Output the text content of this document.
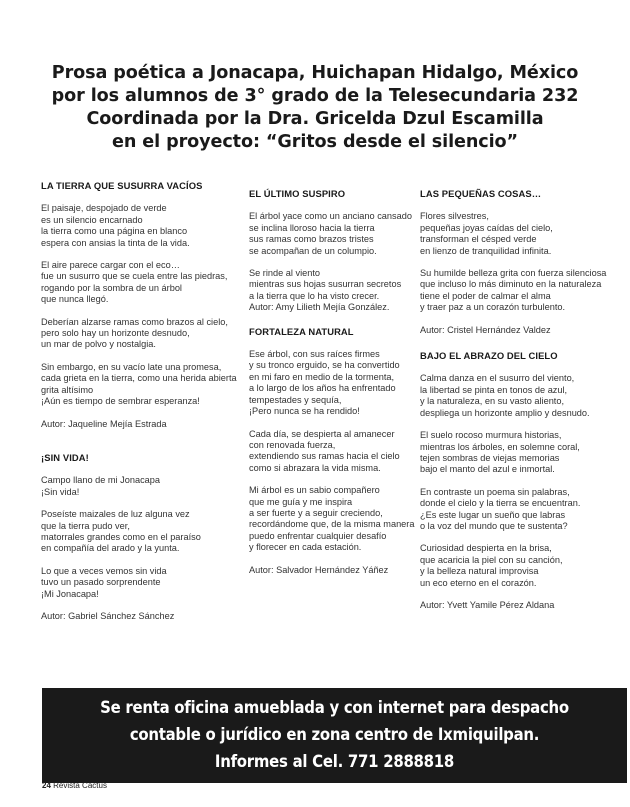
Prosa poética a Jonacapa, Huichapan Hidalgo, México
por los alumnos de 3° grado de la Telesecundaria 232
Coordinada por la Dra. Gricelda Dzul Escamilla
en el proyecto: “Gritos desde el silencio”
LA TIERRA QUE SUSURRA VACÍOS
El paisaje, despojado de verde
es un silencio encarnado
la tierra como una página en blanco
espera con ansias la tinta de la vida.
El aire parece cargar con el eco…
fue un susurro que se cuela entre las piedras,
rogando por la sombra de un árbol
que nunca llegó.
Deberían alzarse ramas como brazos al cielo,
pero solo hay un horizonte desnudo,
un mar de polvo y nostalgia.
Sin embargo, en su vacío late una promesa,
cada grieta en la tierra, como una herida abierta
grita altísimo
¡Aún es tiempo de sembrar esperanza!
Autor: Jaqueline Mejía Estrada
¡SIN VIDA!
Campo llano de mi Jonacapa
¡Sin vida!
Poseíste maizales de luz alguna vez
que la tierra pudo ver,
matorrales grandes como en el paraíso
en compañía del arado y la yunta.
Lo que a veces vemos sin vida
tuvo un pasado sorprendente
¡Mi Jonacapa!
Autor: Gabriel Sánchez Sánchez
EL ÚLTIMO SUSPIRO
El árbol yace como un anciano cansado
se inclina lloroso hacia la tierra
sus ramas como brazos tristes
se acompañan de un columpio.
Se rinde al viento
mientras sus hojas susurran secretos
a la tierra que lo ha visto crecer.
Autor: Amy Lilieth Mejía González.
FORTALEZA NATURAL
Ese árbol, con sus raíces firmes
y su tronco erguido, se ha convertido
en mi faro en medio de la tormenta,
a lo largo de los años ha enfrentado
tempestades y sequía,
¡Pero nunca se ha rendido!
Cada día, se despierta al amanecer
con renovada fuerza,
extendiendo sus ramas hacia el cielo
como si abrazara la vida misma.
Mi árbol es un sabio compañero
que me guía y me inspira
a ser fuerte y a seguir creciendo,
recordándome que, de la misma manera
puedo enfrentar cualquier desafío
y florecer en cada estación.
Autor: Salvador Hernández Yáñez
LAS PEQUEÑAS COSAS…
Flores silvestres,
pequeñas joyas caídas del cielo,
transforman el césped verde
en lienzo de tranquilidad infinita.
Su humilde belleza grita con fuerza silenciosa
que incluso lo más diminuto en la naturaleza
tiene el poder de calmar el alma
y traer paz a un corazón turbulento.
Autor: Cristel Hernández Valdez
BAJO EL ABRAZO DEL CIELO
Calma danza en el susurro del viento,
la libertad se pinta en tonos de azul,
y la naturaleza, en su vasto aliento,
despliega un horizonte amplio y desnudo.
El suelo rocoso murmura historias,
mientras los árboles, en solemne coral,
tejen sombras de viejas memorias
bajo el manto del azul e inmortal.
En contraste un poema sin palabras,
donde el cielo y la tierra se encuentran.
¿Es este lugar un sueño que labras
o la voz del mundo que te sustenta?
Curiosidad despierta en la brisa,
que acaricia la piel con su canción,
y la belleza natural improvisa
un eco eterno en el corazón.
Autor: Yvett Yamile Pérez Aldana
Se renta oficina amueblada y con internet para despacho
contable o jurídico en zona centro de Ixmiquilpan.
Informes al Cel. 771 2888818
24 Revista Cactus
